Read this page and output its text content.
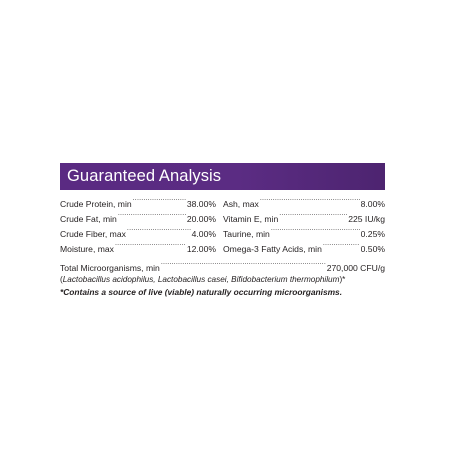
Guaranteed Analysis
Crude Protein, min .....	38.00%
Crude Fat, min .....	20.00%
Crude Fiber, max .....	4.00%
Moisture, max .....	12.00%
Ash, max .....	8.00%
Vitamin E, min .....	225 IU/kg
Taurine, min .....	0.25%
Omega-3 Fatty Acids, min .....	0.50%
Total Microorganisms, min .....	270,000 CFU/g
(Lactobacillus acidophilus, Lactobacillus casei, Bifidobacterium thermophilum)*
*Contains a source of live (viable) naturally occurring microorganisms.
